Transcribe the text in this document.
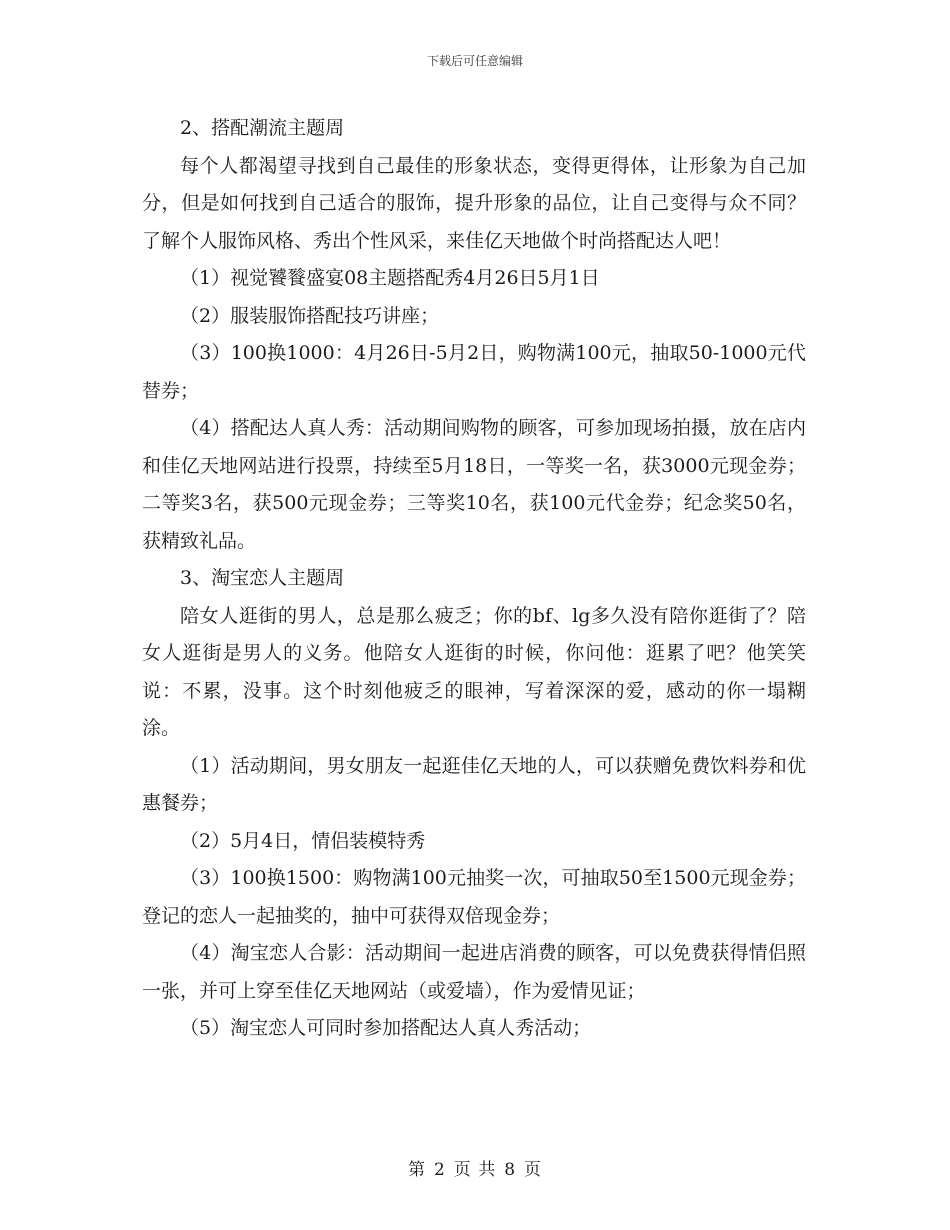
下载后可任意编辑

2、搭配潮流主题周

每个人都渴望寻找到自己最佳的形象状态，变得更得体，让形象为自己加分，但是如何找到自己适合的服饰，提升形象的品位，让自己变得与众不同？了解个人服饰风格、秀出个性风采，来佳亿天地做个时尚搭配达人吧！

（1）视觉饕餮盛宴08主题搭配秀4月26日5月1日

（2）服装服饰搭配技巧讲座；

（3）100换1000：4月26日-5月2日，购物满100元，抽取50-1000元代替券；

（4）搭配达人真人秀：活动期间购物的顾客，可参加现场拍摄，放在店内和佳亿天地网站进行投票，持续至5月18日，一等奖一名，获3000元现金券；二等奖3名，获500元现金券；三等奖10名，获100元代金券；纪念奖50名，获精致礼品。

3、淘宝恋人主题周

陪女人逛街的男人，总是那么疲乏；你的bf、lg多久没有陪你逛街了？陪女人逛街是男人的义务。他陪女人逛街的时候，你问他：逛累了吧？他笑笑说：不累，没事。这个时刻他疲乏的眼神，写着深深的爱，感动的你一塌糊涂。

（1）活动期间，男女朋友一起逛佳亿天地的人，可以获赠免费饮料券和优惠餐券；

（2）5月4日，情侣装模特秀

（3）100换1500：购物满100元抽奖一次，可抽取50至1500元现金券；登记的恋人一起抽奖的，抽中可获得双倍现金券；

（4）淘宝恋人合影：活动期间一起进店消费的顾客，可以免费获得情侣照一张，并可上穿至佳亿天地网站（或爱墙），作为爱情见证；

（5）淘宝恋人可同时参加搭配达人真人秀活动；

第 2 页 共 8 页
